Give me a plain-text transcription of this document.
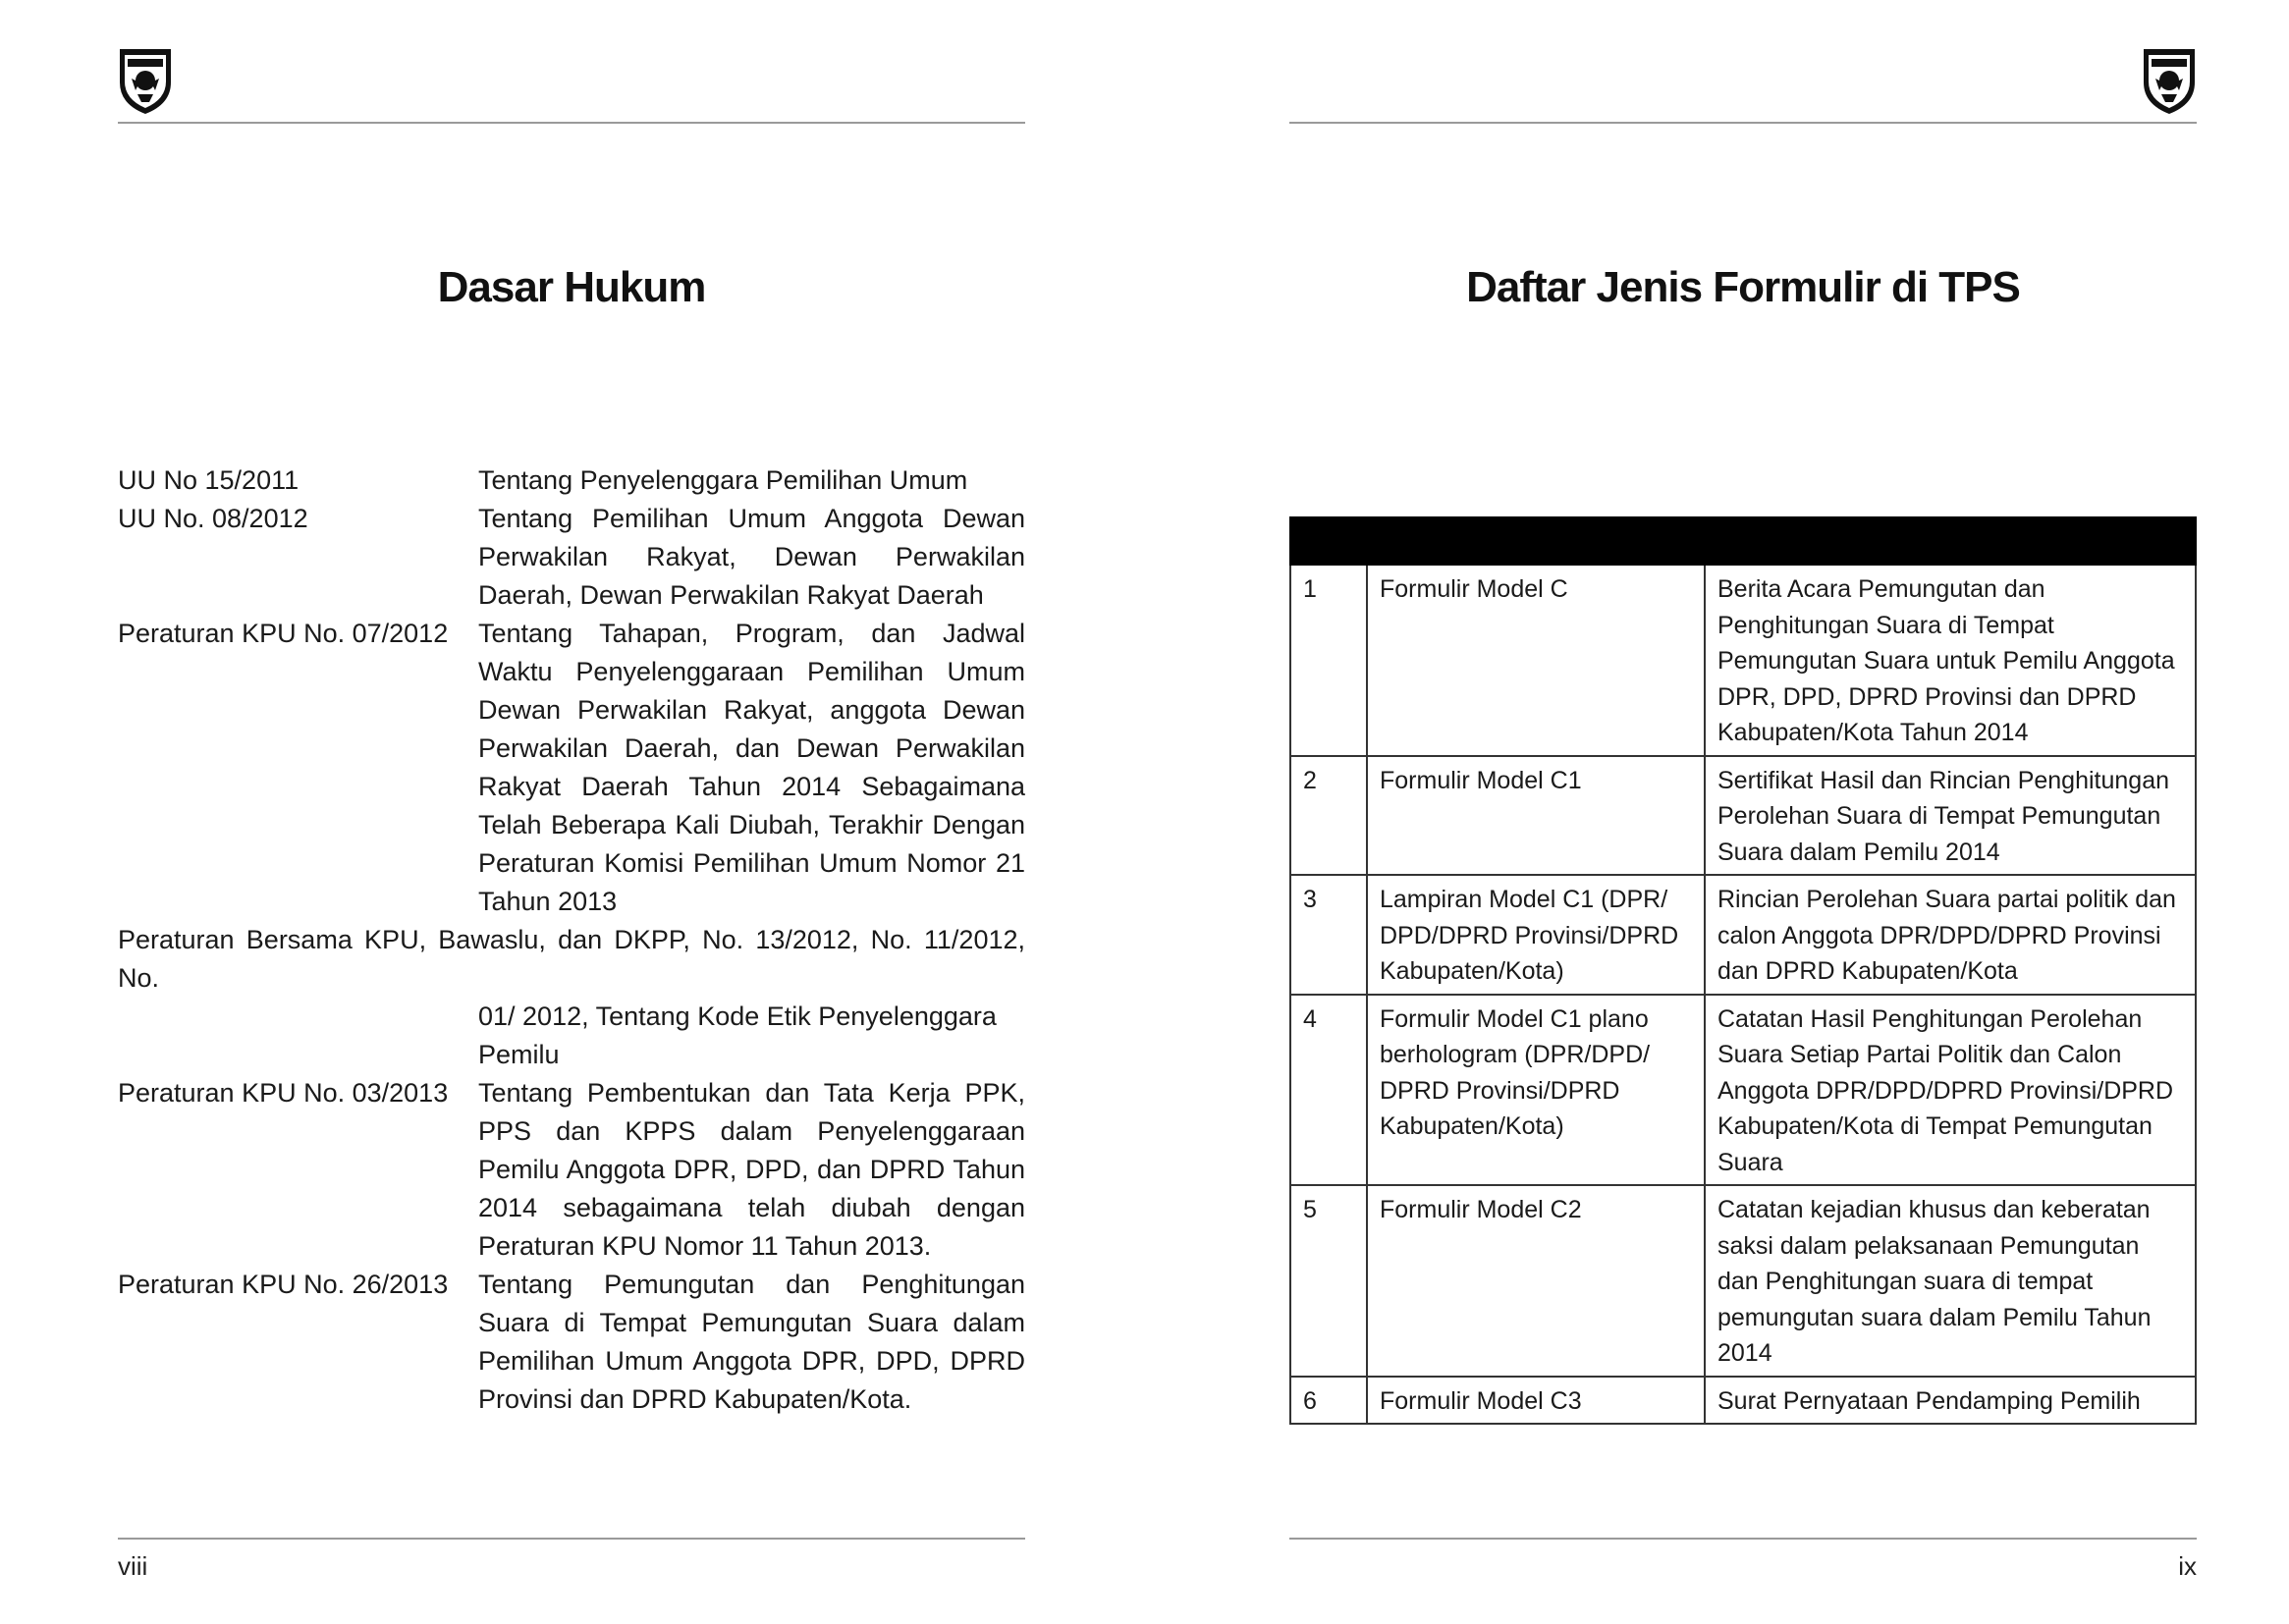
Dasar Hukum
UU No 15/2011	Tentang Penyelenggara Pemilihan Umum
UU No. 08/2012	Tentang Pemilihan Umum Anggota Dewan Perwakilan Rakyat, Dewan Perwakilan Daerah, Dewan Perwakilan Rakyat Daerah
Peraturan KPU No. 07/2012	Tentang Tahapan, Program, dan Jadwal Waktu Penyelenggaraan Pemilihan Umum Dewan Perwakilan Rakyat, anggota Dewan Perwakilan Daerah, dan Dewan Perwakilan Rakyat Daerah Tahun 2014 Sebagaimana Telah Beberapa Kali Diubah, Terakhir Dengan Peraturan Komisi Pemilihan Umum Nomor 21 Tahun 2013
Peraturan Bersama KPU, Bawaslu, dan DKPP, No. 13/2012, No. 11/2012, No.
01/ 2012, Tentang Kode Etik Penyelenggara Pemilu
Peraturan KPU No. 03/2013	Tentang Pembentukan dan Tata Kerja PPK, PPS dan KPPS dalam Penyelenggaraan Pemilu Anggota DPR, DPD, dan DPRD Tahun 2014 sebagaimana telah diubah dengan Peraturan KPU Nomor 11 Tahun 2013.
Peraturan KPU No. 26/2013	Tentang Pemungutan dan Penghitungan Suara di Tempat Pemungutan Suara dalam Pemilihan Umum Anggota DPR, DPD, DPRD Provinsi dan DPRD Kabupaten/Kota.
viii
Daftar Jenis Formulir di TPS

1	Formulir Model C	Berita Acara Pemungutan dan Penghitungan Suara di Tempat Pemungutan Suara untuk Pemilu Anggota DPR, DPD, DPRD Provinsi dan DPRD Kabupaten/Kota Tahun 2014
2	Formulir Model C1	Sertifikat Hasil dan Rincian Penghitungan Perolehan Suara di Tempat Pemungutan Suara dalam Pemilu 2014
3	Lampiran Model C1 (DPR/ DPD/DPRD Provinsi/DPRD Kabupaten/Kota)	Rincian Perolehan Suara partai politik dan calon Anggota DPR/DPD/DPRD Provinsi dan DPRD Kabupaten/Kota
4	Formulir Model C1 plano berhologram (DPR/DPD/ DPRD Provinsi/DPRD Kabupaten/Kota)	Catatan Hasil Penghitungan Perolehan Suara Setiap Partai Politik dan Calon Anggota DPR/DPD/DPRD Provinsi/DPRD Kabupaten/Kota di Tempat Pemungutan Suara
5	Formulir Model C2	Catatan kejadian khusus dan keberatan saksi dalam pelaksanaan Pemungutan dan Penghitungan suara di tempat pemungutan suara dalam Pemilu Tahun 2014
6	Formulir Model C3	Surat Pernyataan Pendamping Pemilih
ix
